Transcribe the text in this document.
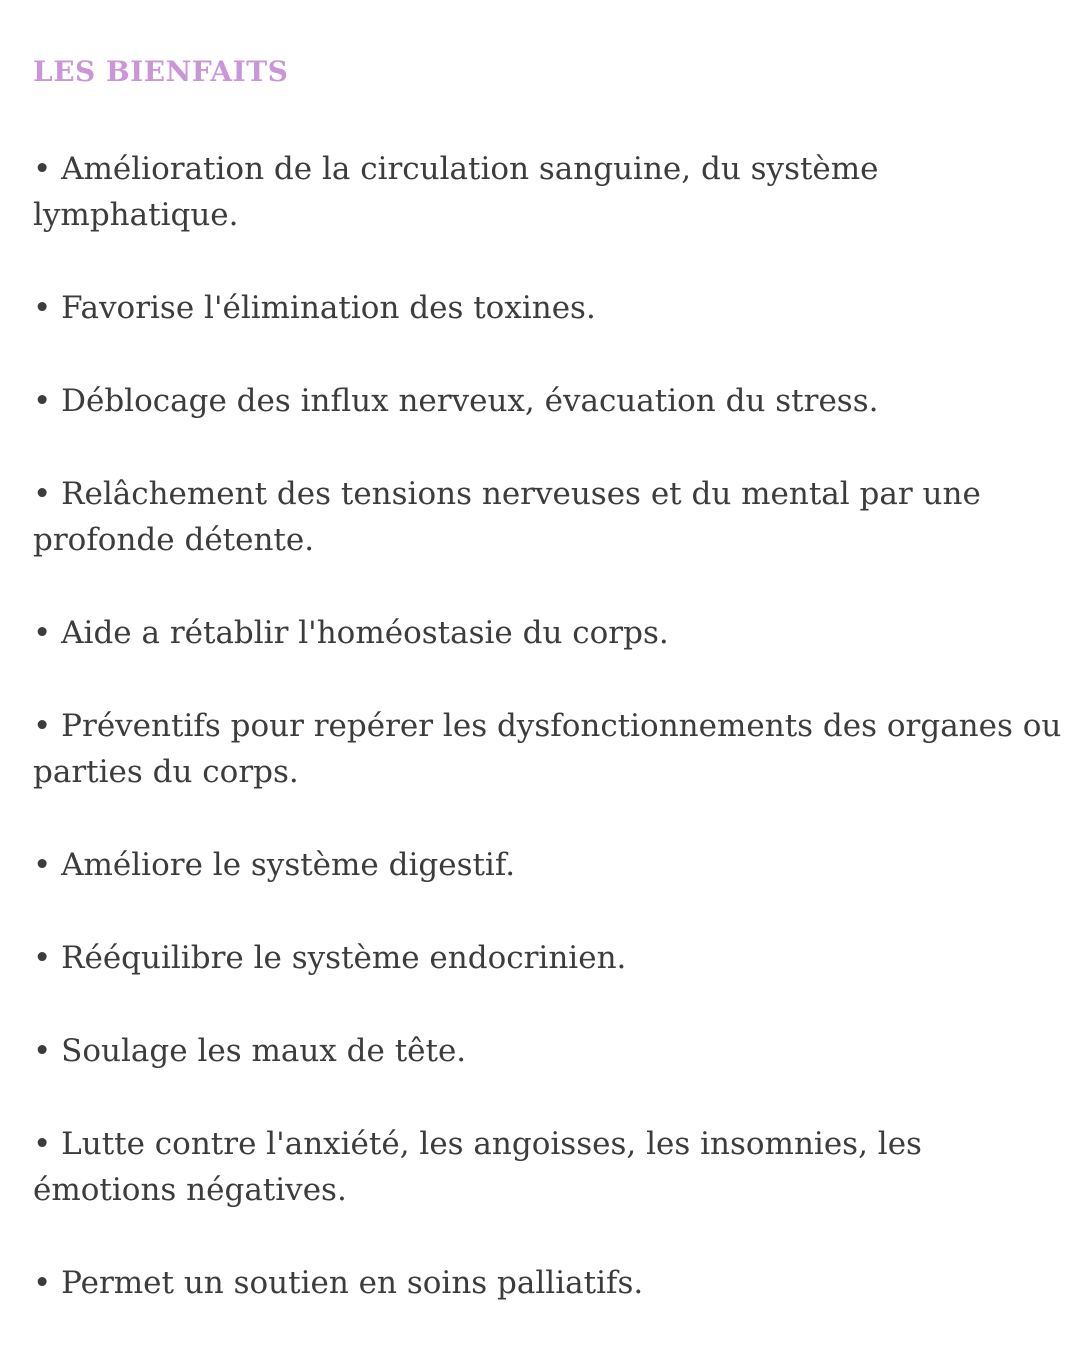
LES BIENFAITS

• Amélioration de la circulation sanguine, du système lymphatique.

• Favorise l'élimination des toxines.

• Déblocage des influx nerveux, évacuation du stress.

• Relâchement des tensions nerveuses et du mental par une profonde détente.

• Aide a rétablir l'homéostasie du corps.

• Préventifs pour repérer les dysfonctionnements des organes ou parties du corps.

• Améliore le système digestif.

• Rééquilibre le système endocrinien.

• Soulage les maux de tête.

• Lutte contre l'anxiété, les angoisses, les insomnies, les émotions négatives.

• Permet un soutien en soins palliatifs.
